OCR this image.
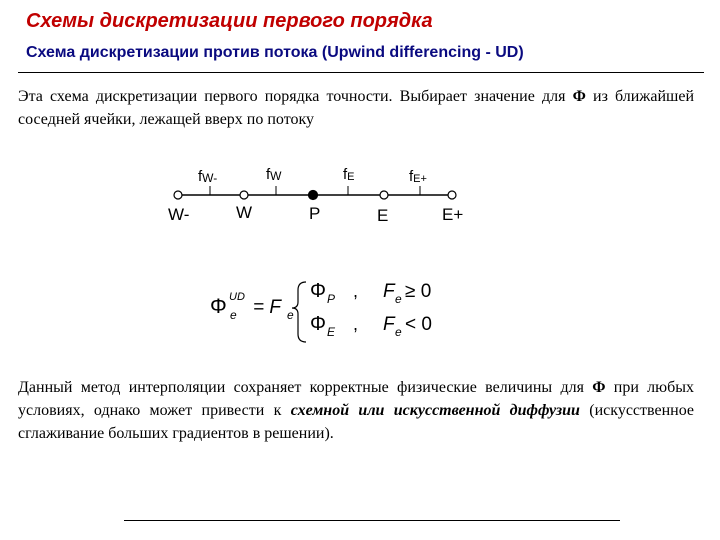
Схемы дискретизации первого порядка
Схема дискретизации против потока (Upwind differencing - UD)

Эта схема дискретизации первого порядка точности. Выбирает значение для Φ из ближайшей соседней ячейки, лежащей вверх по потоку

fW-	fW	fE	fE+
W-	W	P	E	E+
Φ UD
e = F e
Φ P , F e ≥ 0
Φ E , F e < 0

Данный метод интерполяции сохраняет корректные физические величины для Φ при любых условиях, однако может привести к схемной или искусственной диффузии (искусственное сглаживание больших градиентов в решении).
